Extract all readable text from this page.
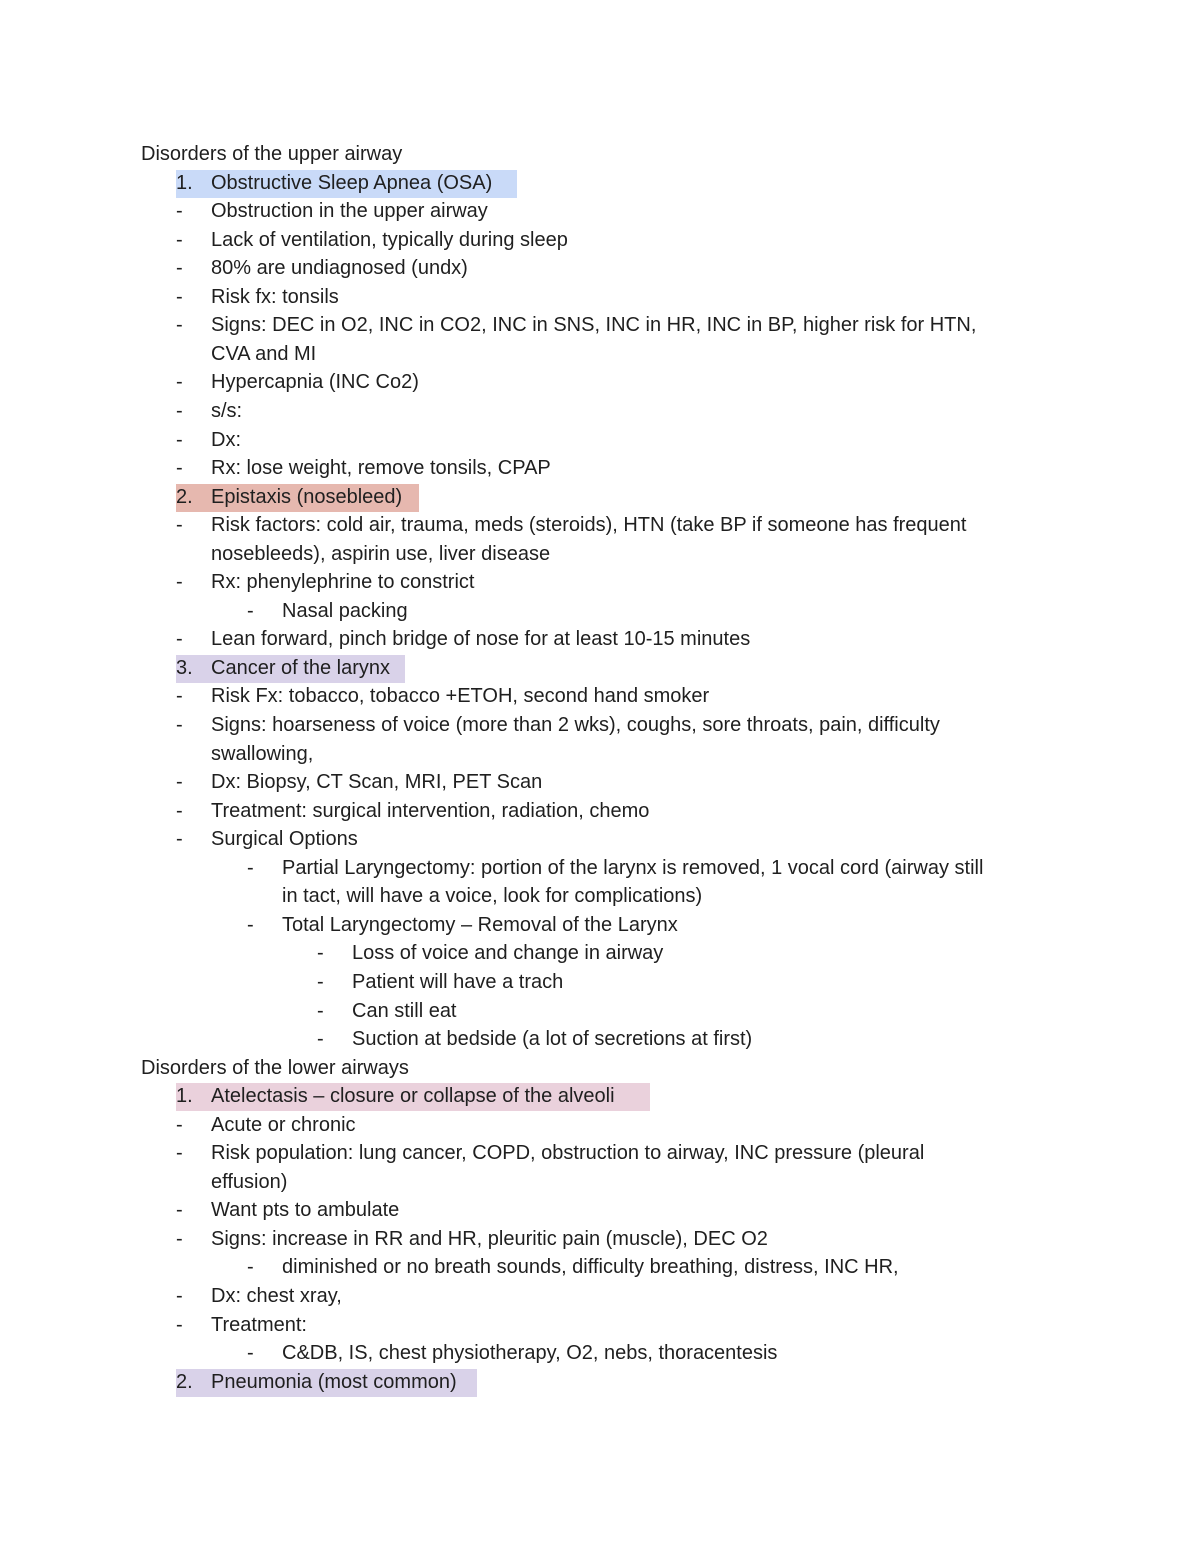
Disorders of the upper airway
1. Obstructive Sleep Apnea (OSA)
- Obstruction in the upper airway
- Lack of ventilation, typically during sleep
- 80% are undiagnosed (undx)
- Risk fx: tonsils
- Signs: DEC in O2, INC in CO2, INC in SNS, INC in HR, INC in BP, higher risk for HTN,
CVA and MI
- Hypercapnia (INC Co2)
- s/s:
- Dx:
- Rx: lose weight, remove tonsils, CPAP
2. Epistaxis (nosebleed)
- Risk factors: cold air, trauma, meds (steroids), HTN (take BP if someone has frequent
nosebleeds), aspirin use, liver disease
- Rx: phenylephrine to constrict
- Nasal packing
- Lean forward, pinch bridge of nose for at least 10-15 minutes
3. Cancer of the larynx
- Risk Fx: tobacco, tobacco +ETOH, second hand smoker
- Signs: hoarseness of voice (more than 2 wks), coughs, sore throats, pain, difficulty
swallowing,
- Dx: Biopsy, CT Scan, MRI, PET Scan
- Treatment: surgical intervention, radiation, chemo
- Surgical Options
- Partial Laryngectomy: portion of the larynx is removed, 1 vocal cord (airway still
in tact, will have a voice, look for complications)
- Total Laryngectomy – Removal of the Larynx
- Loss of voice and change in airway
- Patient will have a trach
- Can still eat
- Suction at bedside (a lot of secretions at first)
Disorders of the lower airways
1. Atelectasis – closure or collapse of the alveoli
- Acute or chronic
- Risk population: lung cancer, COPD, obstruction to airway, INC pressure (pleural
effusion)
- Want pts to ambulate
- Signs: increase in RR and HR, pleuritic pain (muscle), DEC O2
- diminished or no breath sounds, difficulty breathing, distress, INC HR,
- Dx: chest xray,
- Treatment:
- C&DB, IS, chest physiotherapy, O2, nebs, thoracentesis
2. Pneumonia (most common)
